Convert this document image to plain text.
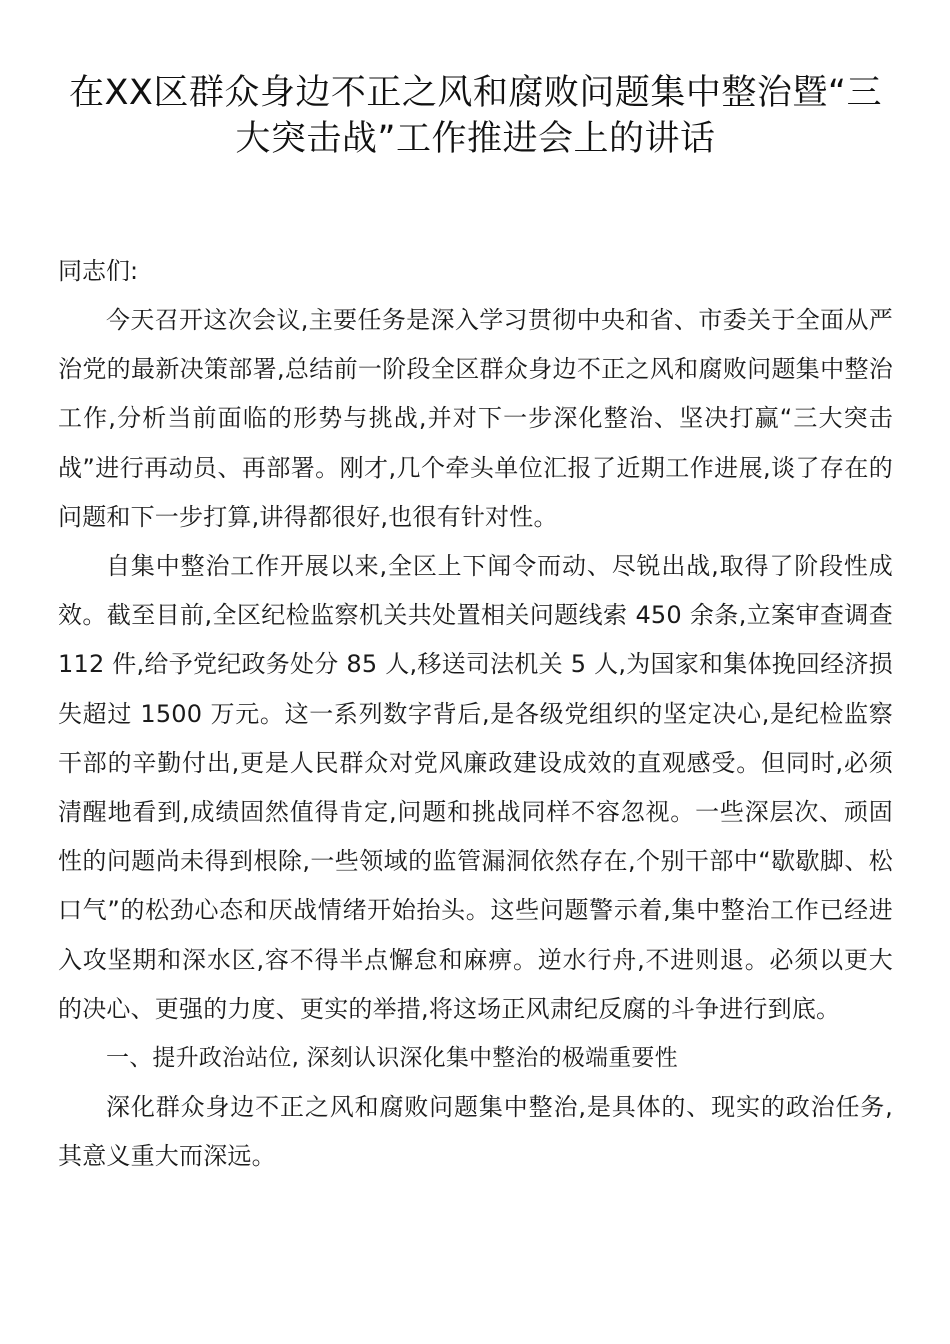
在XX区群众身边不正之风和腐败问题集中整治暨“三
大突击战”工作推进会上的讲话

同志们:

今天召开这次会议,主要任务是深入学习贯彻中央和省、市委关于全面从严治党的最新决策部署,总结前一阶段全区群众身边不正之风和腐败问题集中整治工作,分析当前面临的形势与挑战,并对下一步深化整治、坚决打赢“三大突击战”进行再动员、再部署。刚才,几个牵头单位汇报了近期工作进展,谈了存在的问题和下一步打算,讲得都很好,也很有针对性。

自集中整治工作开展以来,全区上下闻令而动、尽锐出战,取得了阶段性成效。截至目前,全区纪检监察机关共处置相关问题线索 450 余条,立案审查调查 112 件,给予党纪政务处分 85 人,移送司法机关 5 人,为国家和集体挽回经济损失超过 1500 万元。这一系列数字背后,是各级党组织的坚定决心,是纪检监察干部的辛勤付出,更是人民群众对党风廉政建设成效的直观感受。但同时,必须清醒地看到,成绩固然值得肯定,问题和挑战同样不容忽视。一些深层次、顽固性的问题尚未得到根除,一些领域的监管漏洞依然存在,个别干部中“歇歇脚、松口气”的松劲心态和厌战情绪开始抬头。这些问题警示着,集中整治工作已经进入攻坚期和深水区,容不得半点懈怠和麻痹。逆水行舟,不进则退。必须以更大的决心、更强的力度、更实的举措,将这场正风肃纪反腐的斗争进行到底。

一、提升政治站位, 深刻认识深化集中整治的极端重要性

深化群众身边不正之风和腐败问题集中整治,是具体的、现实的政治任务,其意义重大而深远。
